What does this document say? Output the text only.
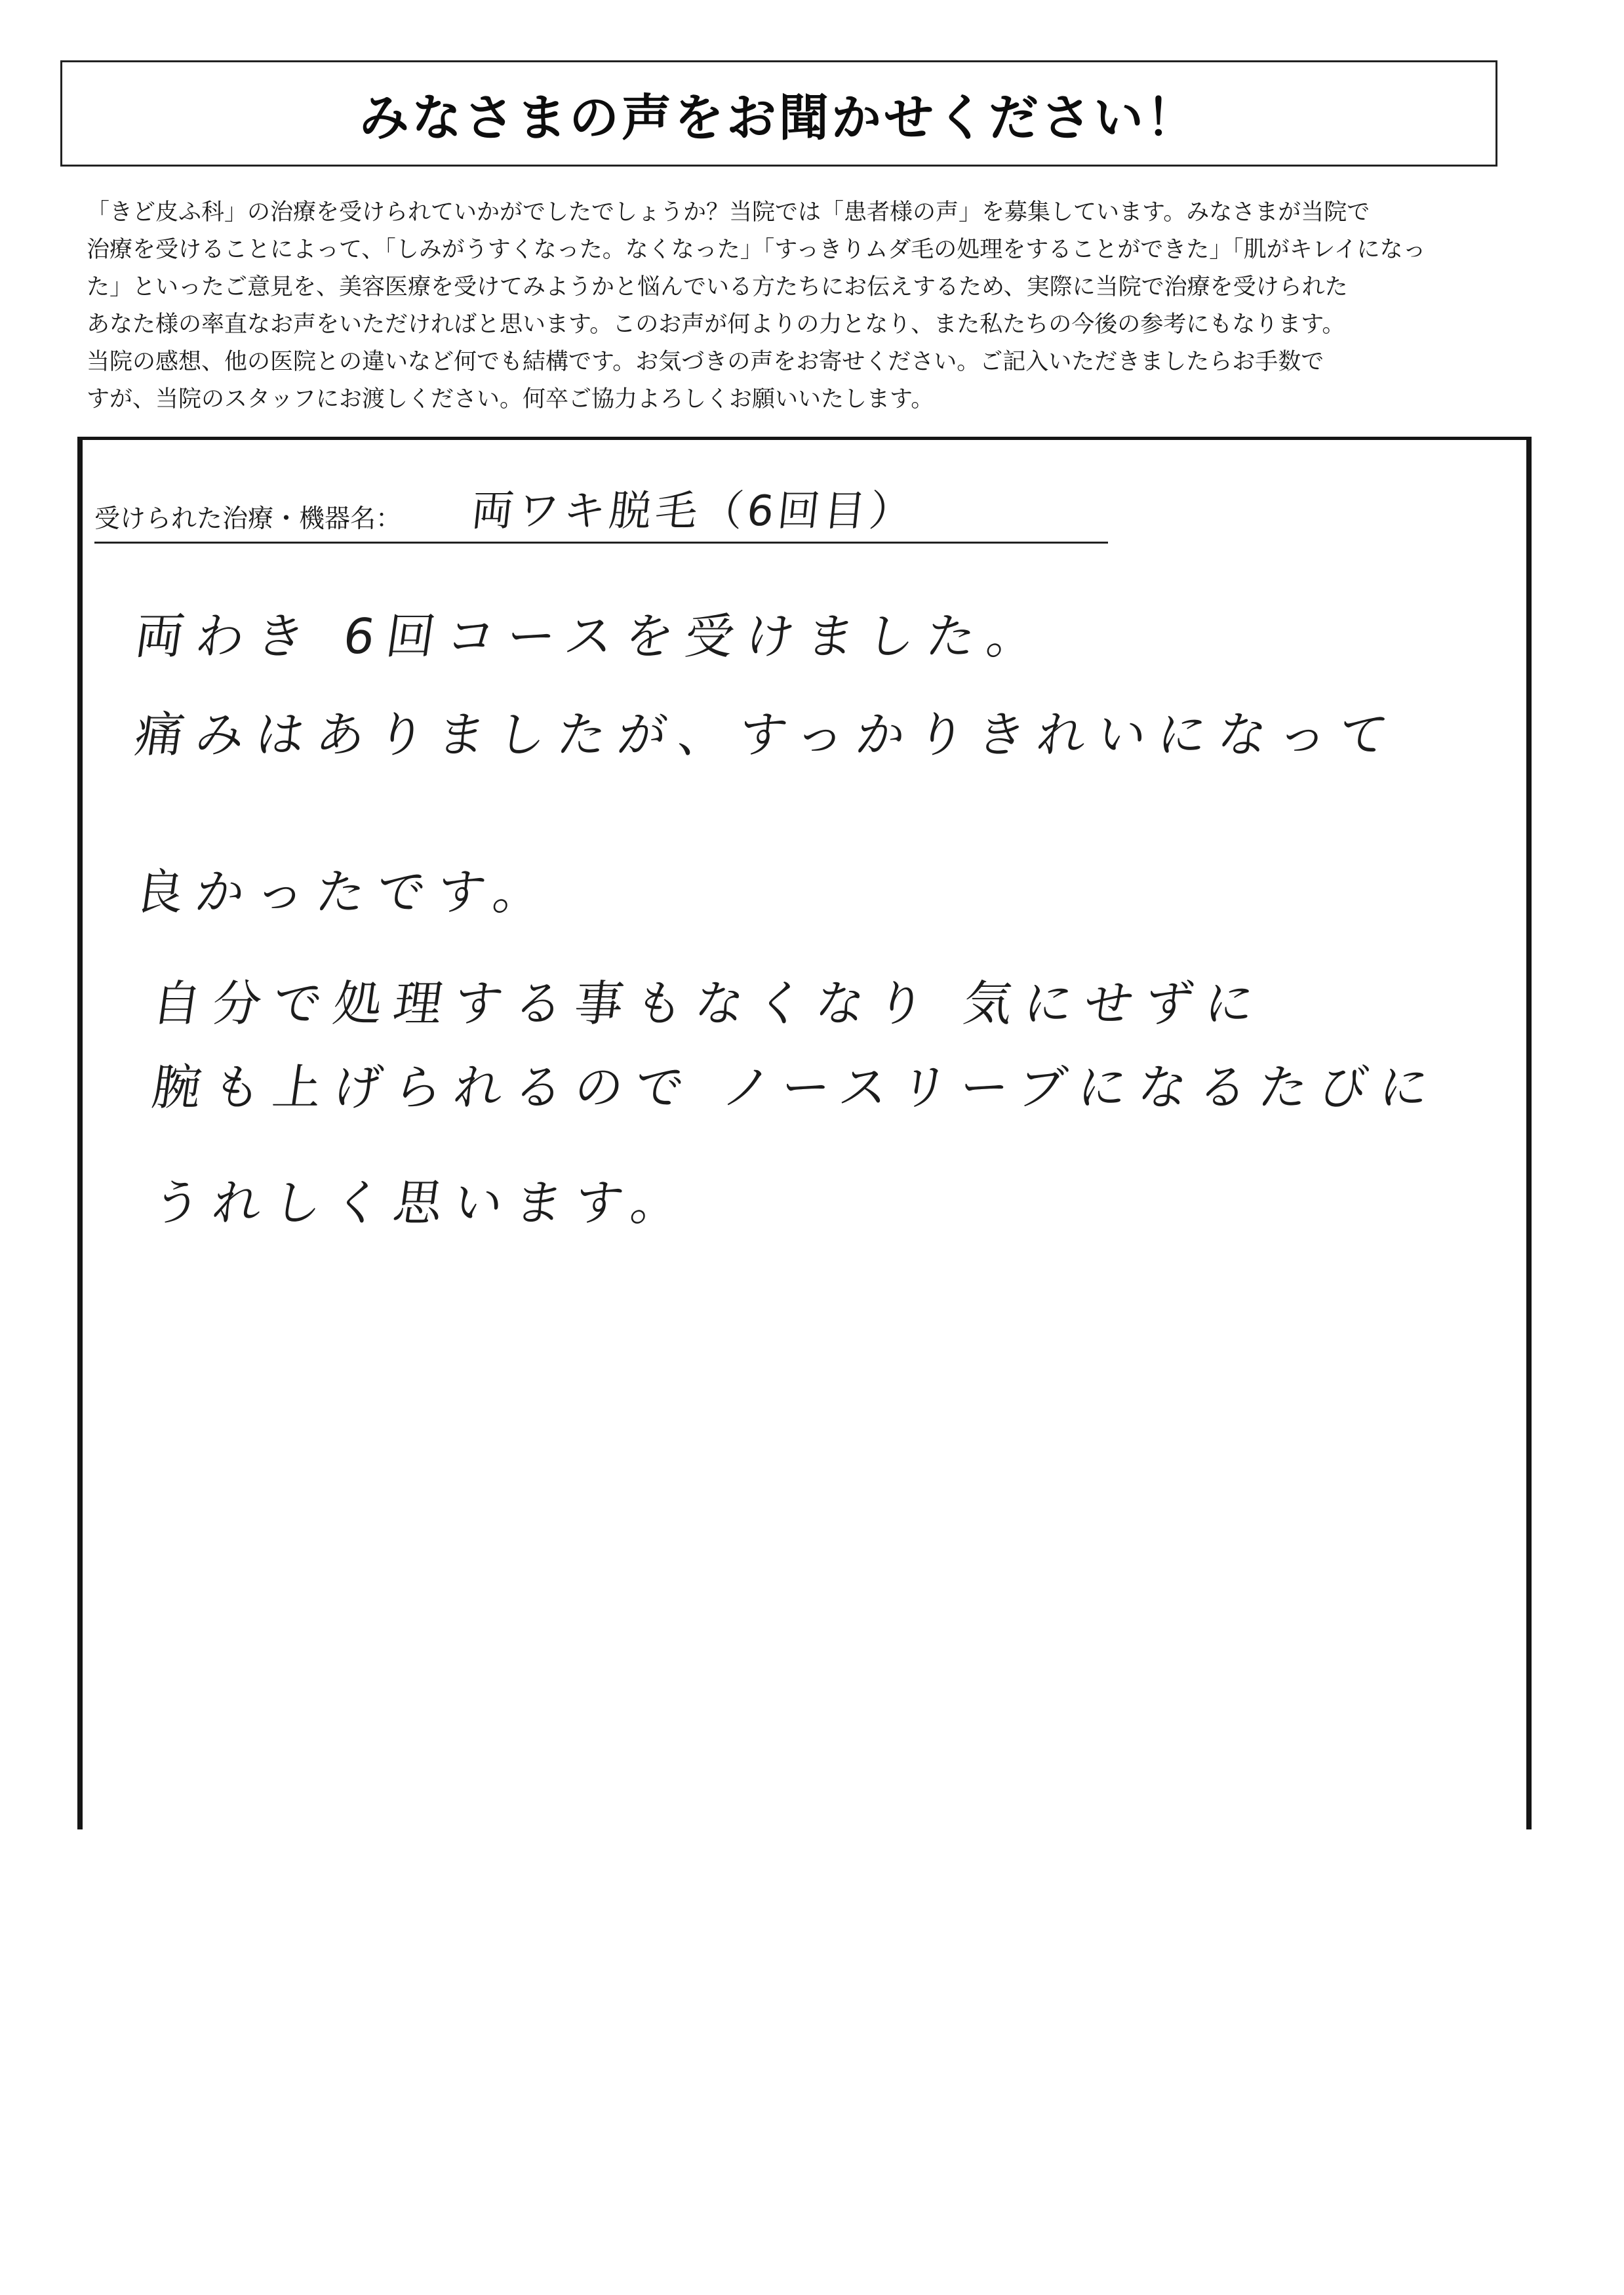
みなさまの声をお聞かせください！
「きど皮ふ科」の治療を受けられていかがでしたでしょうか？当院では「患者様の声」を募集しています。みなさまが当院で
治療を受けることによって、「しみがうすくなった。なくなった」「すっきりムダ毛の処理をすることができた」「肌がキレイになっ
た」といったご意見を、美容医療を受けてみようかと悩んでいる方たちにお伝えするため、実際に当院で治療を受けられた
あなた様の率直なお声をいただければと思います。このお声が何よりの力となり、また私たちの今後の参考にもなります。
当院の感想、他の医院との違いなど何でも結構です。お気づきの声をお寄せください。ご記入いただきましたらお手数で
すが、当院のスタッフにお渡しください。何卒ご協力よろしくお願いいたします。
受けられた治療・機器名： 両ワキ脱毛（6回目）
両わき 6回コースを受けました。
痛みはありましたが、すっかりきれいになって
良かったです。
自分で処理する事もなくなり 気にせずに
腕も上げられるので ノースリーブになるたびに
うれしく思います。
